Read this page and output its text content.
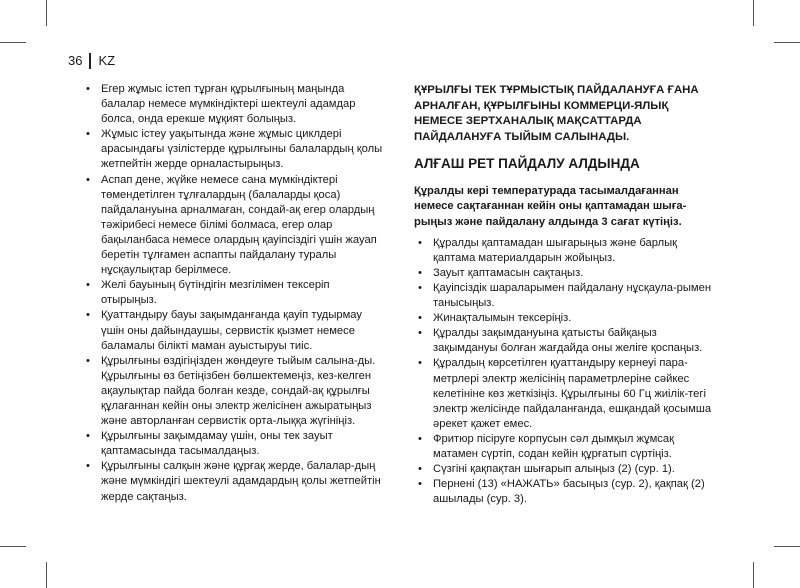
36 KZ
• Егер жұмыс істеп тұрған құрылғының маңында балалар немесе мүмкіндіктері шектеулі адамдар болса, онда ерекше мұқият болыңыз.
• Жұмыс істеу уақытында және жұмыс циклдері арасындағы үзілістерде құрылғыны балалардың қолы жетпейтін жерде орналастырыңыз.
• Аспап дене, жүйке немесе сана мүмкіндіктері төмендетілген тұлғалардың (балаларды қоса) пайдалануына арналмаған, сондай-ақ егер олардың тәжірибесі немесе білімі болмаса, егер олар бақыланбаса немесе олардың қауіпсіздігі үшін жауап беретін тұлғамен аспапты пайдалану туралы нұсқаулықтар берілмесе.
• Желі бауының бүтіндігін мезгілімен тексеріп отырыңыз.
• Қуаттандыру бауы зақымданғанда қауіп тудырмау үшін оны дайындаушы, сервистік қызмет немесе баламалы білікті маман ауыстыруы тиіс.
• Құрылғыны өздігіңізден жөндеуге тыйым салына-ды. Құрылғыны өз бетіңізбен бөлшектемеңіз, кез-келген ақаулықтар пайда болған кезде, сондай-ақ құрылғы құлағаннан кейін оны электр желісінен ажыратыңыз және авторланған сервистік орта-лыққа жүгініңіз.
• Құрылғыны зақымдамау үшін, оны тек зауыт қаптамасында тасымалдаңыз.
• Құрылғыны салқын және құрғақ жерде, балалар-дың және мүмкіндігі шектеулі адамдардың қолы жетпейтін жерде сақтаңыз.

ҚҰРЫЛҒЫ ТЕК ТҰРМЫСТЫҚ ПАЙДАЛАНУҒА ҒАНА АРНАЛҒАН, ҚҰРЫЛҒЫНЫ КОММЕРЦИ-ЯЛЫҚ НЕМЕСЕ ЗЕРТХАНАЛЫҚ МАҚСАТТАРДА ПАЙДАЛАНУҒА ТЫЙЫМ САЛЫНАДЫ.

АЛҒАШ РЕТ ПАЙДАЛУ АЛДЫНДА

Құралды кері температурада тасымалдағаннан немесе сақтағаннан кейін оны қаптамадан шыға-рыңыз және пайдалану алдында 3 сағат күтіңіз.

• Құралды қаптамадан шығарыңыз және барлық қаптама материалдарын жойыңыз.
• Зауыт қаптамасын сақтаңыз.
• Қауіпсіздік шараларымен пайдалану нұсқаула-рымен танысыңыз.
• Жинақталымын тексеріңіз.
• Құралды зақымдануына қатысты байқаңыз зақымдануы болған жағдайда оны желіге қоспаңыз.
• Құралдың көрсетілген қуаттандыру кернеуі пара-метрлері электр желісінің параметрлеріне сәйкес келетініне көз жеткізіңіз. Құрылғыны 60 Гц жиілік-тегі электр желісінде пайдаланғанда, ешқандай қосымша әрекет қажет емес.
• Фритюр пісіруге корпусын сәл дымқыл жұмсақ матамен сүртіп, содан кейін құрғатып сүртіңіз.
• Сүзгіні қақпақтан шығарып алыңыз (2) (сур. 1).
• Пернені (13) «НАЖАТЬ» басыңыз (сур. 2), қақпақ (2) ашылады (сур. 3).
